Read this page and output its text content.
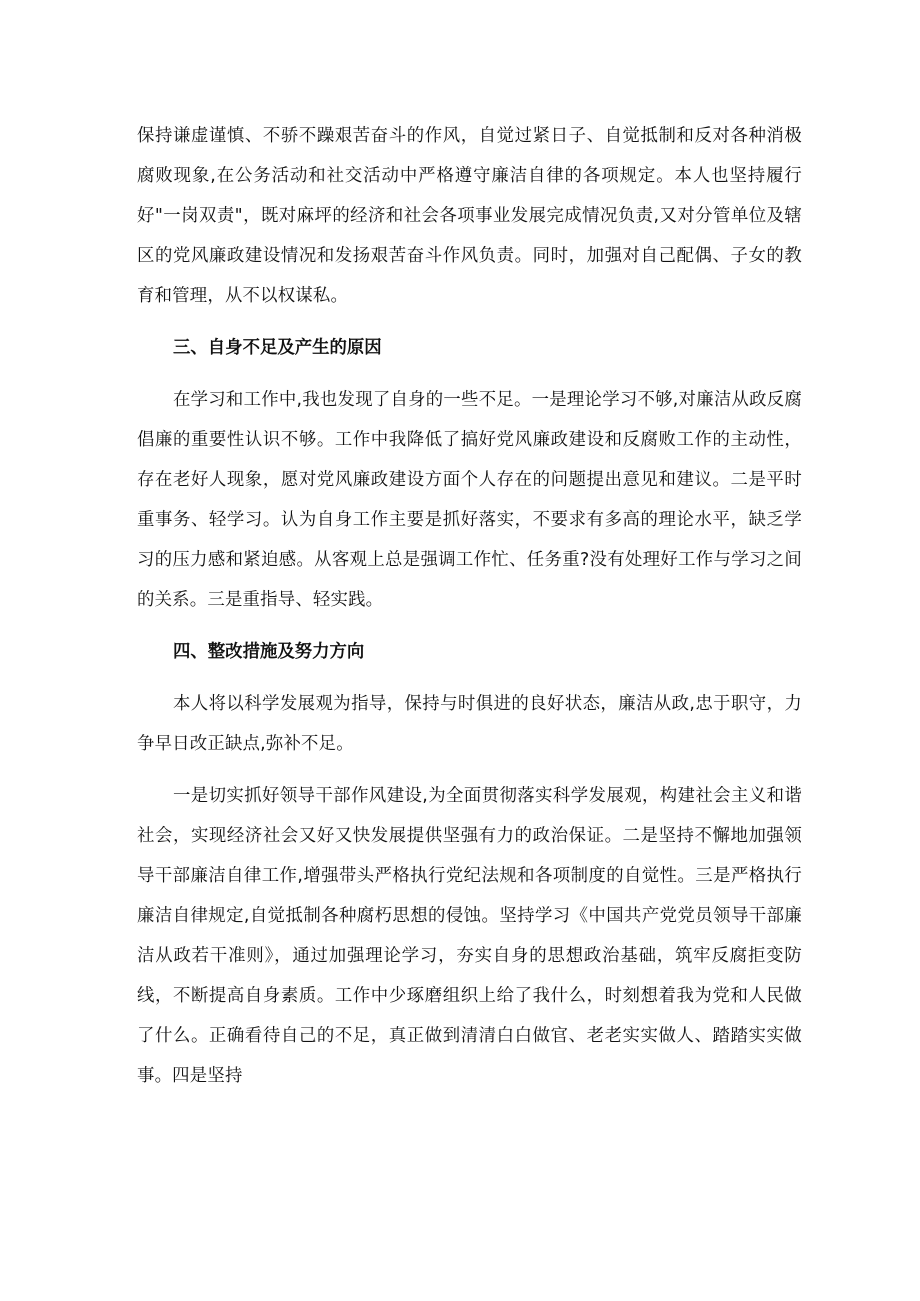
保持谦虚谨慎、不骄不躁艰苦奋斗的作风，自觉过紧日子、自觉抵制和反对各种消极腐败现象,在公务活动和社交活动中严格遵守廉洁自律的各项规定。本人也坚持履行好"一岗双责"，既对麻坪的经济和社会各项事业发展完成情况负责,又对分管单位及辖区的党风廉政建设情况和发扬艰苦奋斗作风负责。同时，加强对自己配偶、子女的教育和管理，从不以权谋私。

三、自身不足及产生的原因

在学习和工作中,我也发现了自身的一些不足。一是理论学习不够,对廉洁从政反腐倡廉的重要性认识不够。工作中我降低了搞好党风廉政建设和反腐败工作的主动性，存在老好人现象，愿对党风廉政建设方面个人存在的问题提出意见和建议。二是平时重事务、轻学习。认为自身工作主要是抓好落实，不要求有多高的理论水平，缺乏学习的压力感和紧迫感。从客观上总是强调工作忙、任务重?没有处理好工作与学习之间的关系。三是重指导、轻实践。

四、整改措施及努力方向

本人将以科学发展观为指导，保持与时俱进的良好状态，廉洁从政,忠于职守，力争早日改正缺点,弥补不足。

一是切实抓好领导干部作风建设,为全面贯彻落实科学发展观，构建社会主义和谐社会，实现经济社会又好又快发展提供坚强有力的政治保证。二是坚持不懈地加强领导干部廉洁自律工作,增强带头严格执行党纪法规和各项制度的自觉性。三是严格执行廉洁自律规定,自觉抵制各种腐朽思想的侵蚀。坚持学习《中国共产党党员领导干部廉洁从政若干准则》，通过加强理论学习，夯实自身的思想政治基础，筑牢反腐拒变防线，不断提高自身素质。工作中少琢磨组织上给了我什么，时刻想着我为党和人民做了什么。正确看待自己的不足，真正做到清清白白做官、老老实实做人、踏踏实实做事。四是坚持
